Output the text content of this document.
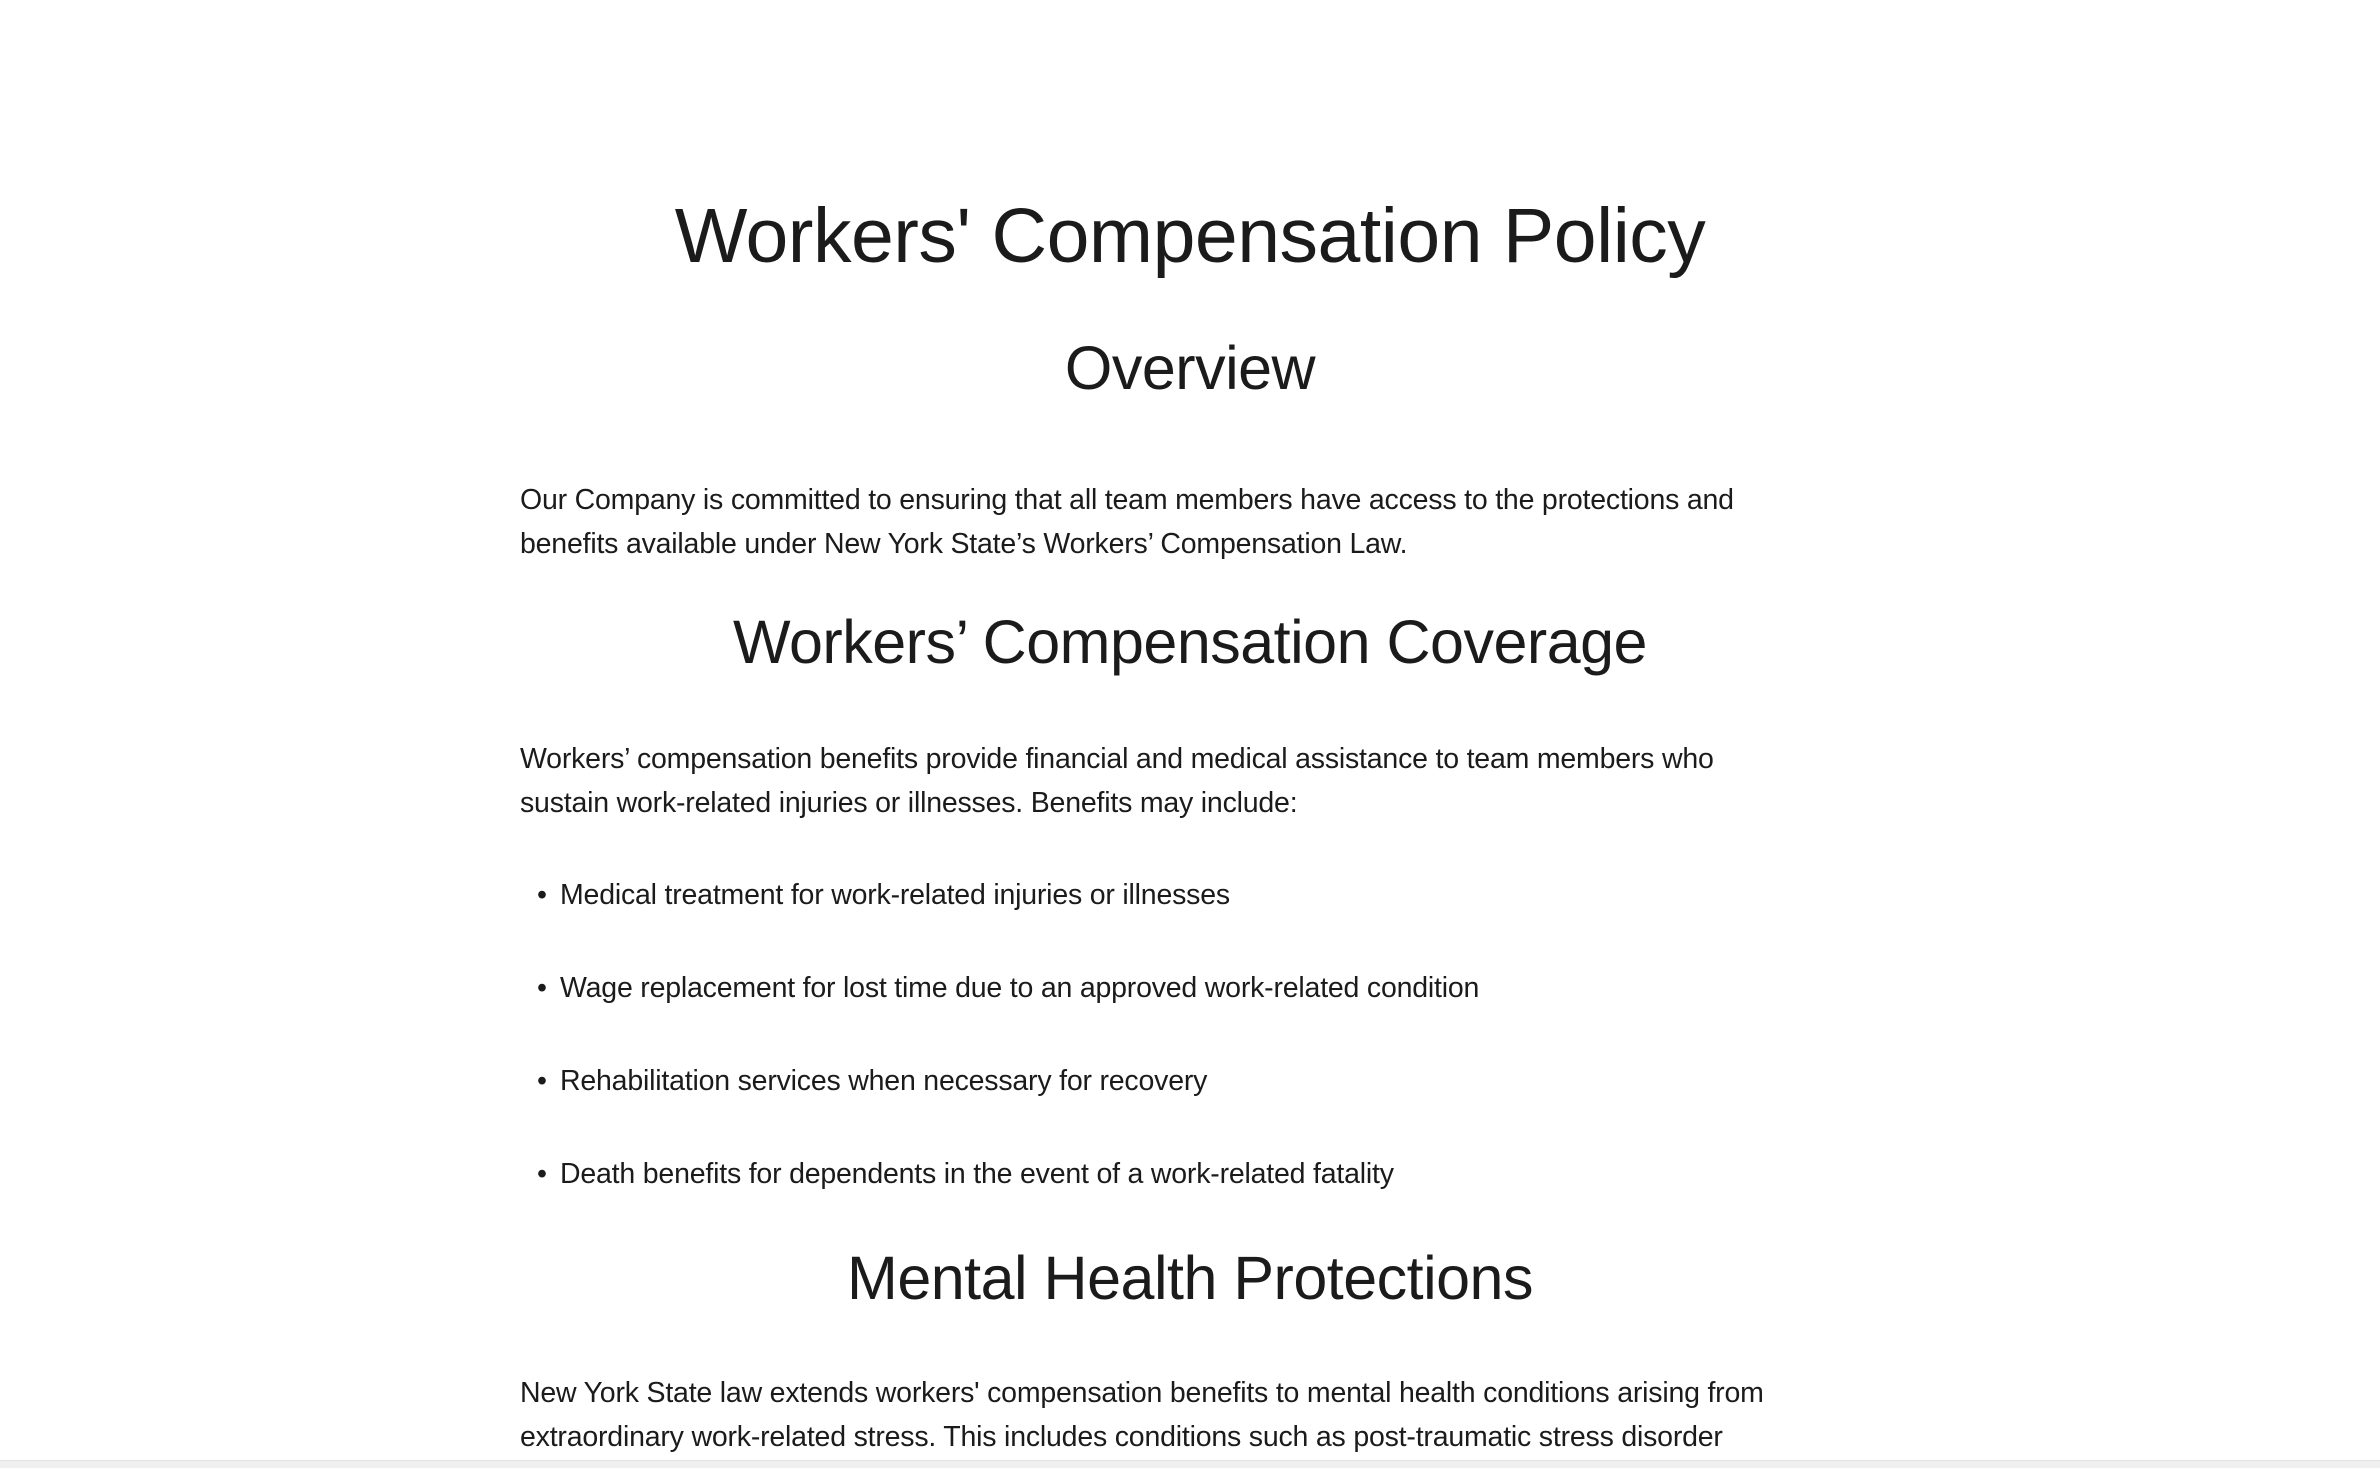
Workers' Compensation Policy
Overview

Our Company is committed to ensuring that all team members have access to the protections and
benefits available under New York State’s Workers’ Compensation Law.

Workers’ Compensation Coverage

Workers’ compensation benefits provide financial and medical assistance to team members who
sustain work-related injuries or illnesses. Benefits may include:

• Medical treatment for work-related injuries or illnesses
• Wage replacement for lost time due to an approved work-related condition
• Rehabilitation services when necessary for recovery
• Death benefits for dependents in the event of a work-related fatality
Mental Health Protections

New York State law extends workers' compensation benefits to mental health conditions arising from
extraordinary work-related stress. This includes conditions such as post-traumatic stress disorder
